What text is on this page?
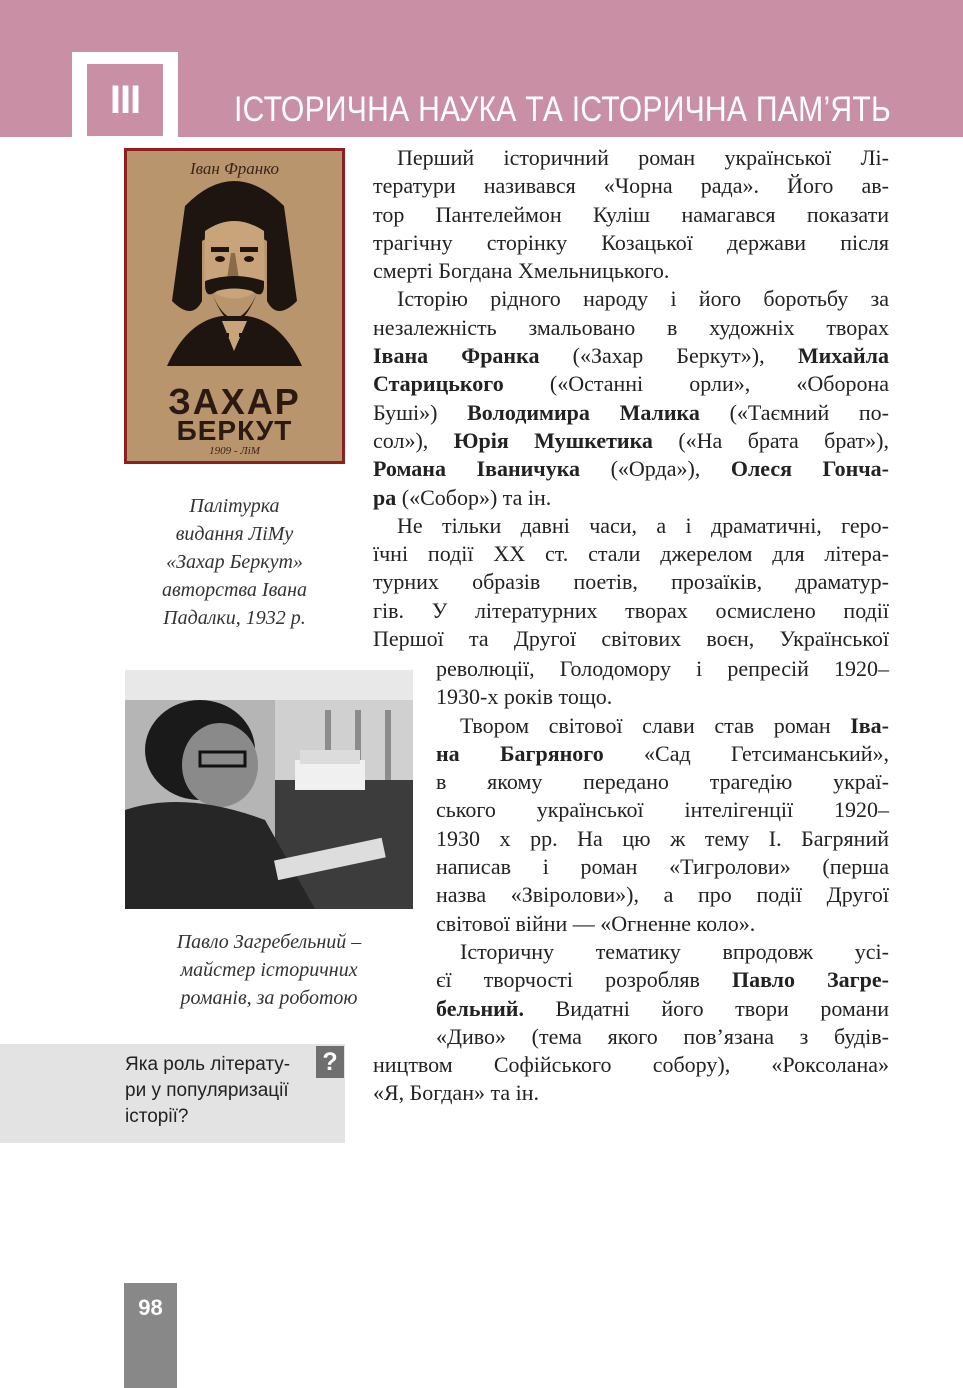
III	ІСТОРИЧНА НАУКА ТА ІСТОРИЧНА ПАМ’ЯТЬ
Іван Франко
ЗАХАР
БЕРКУТ
1909 - ЛіМ
Палітурка
видання ЛіМу
«Захар Беркут»
авторства Івана
Падалки, 1932 р.
Павло Загребельний –
майстер історичних
романів, за роботою
Яка роль літерату-
ри у популяризації
історії?
?
Перший історичний роман української Лі-
тератури називався «Чорна рада». Його ав-
тор Пантелеймон Куліш намагався показати
трагічну сторінку Козацької держави після
смерті Богдана Хмельницького.
Історію рідного народу і його боротьбу за
незалежність змальовано в художніх творах
Івана Франка («Захар Беркут»), Михайла
Старицького («Останні орли», «Оборона
Буші») Володимира Малика («Таємний по-
сол»), Юрія Мушкетика («На брата брат»),
Романа Іваничука («Орда»), Олеся Гонча-
ра («Собор») та ін.
Не тільки давні часи, а і драматичні, геро-
їчні події XX ст. стали джерелом для літера-
турних образів поетів, прозаїків, драматур-
гів. У літературних творах осмислено події
Першої та Другої світових воєн, Української
революції, Голодомору і репресій 1920–
1930-х років тощо.
Твором світової слави став роман Іва-
на Багряного «Сад Гетсиманський»,
в якому передано трагедію украї-
ського української інтелігенції 1920–
1930 х рр. На цю ж тему І. Багряний
написав і роман «Тигролови» (перша
назва «Звіролови»), а про події Другої
світової війни — «Огненне коло».
Історичну тематику впродовж усі-
єї творчості розробляв Павло Загре-
бельний. Видатні його твори романи
«Диво» (тема якого пов’язана з будів-
ництвом Софійського собору), «Роксолана»
«Я, Богдан» та ін.
98
